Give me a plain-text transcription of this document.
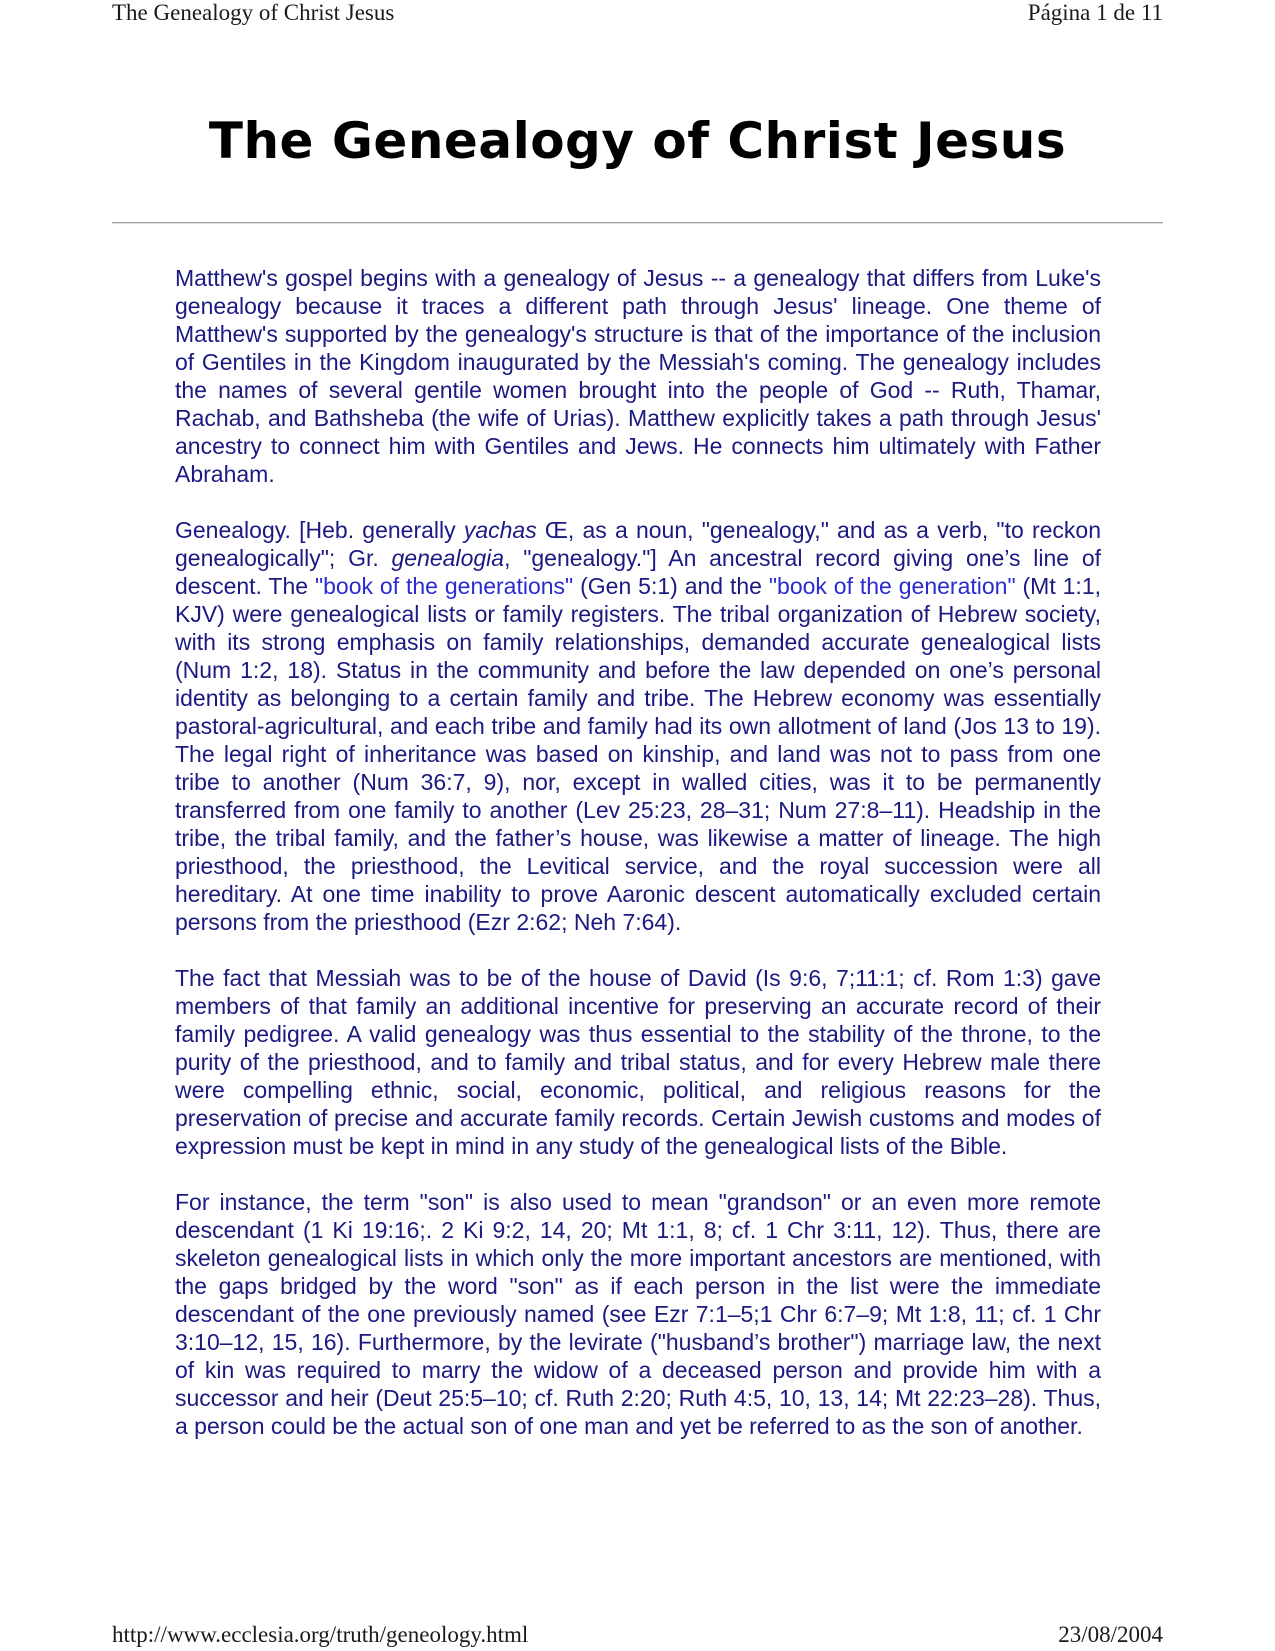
The Genealogy of Christ Jesus	Página 1 de 11
The Genealogy of Christ Jesus

Matthew's gospel begins with a genealogy of Jesus -- a genealogy that differs from Luke's genealogy because it traces a different path through Jesus' lineage. One theme of Matthew's supported by the genealogy's structure is that of the importance of the inclusion of Gentiles in the Kingdom inaugurated by the Messiah's coming. The genealogy includes the names of several gentile women brought into the people of God -- Ruth, Thamar, Rachab, and Bathsheba (the wife of Urias). Matthew explicitly takes a path through Jesus' ancestry to connect him with Gentiles and Jews. He connects him ultimately with Father Abraham.

Genealogy. [Heb. generally yachas Œ, as a noun, "genealogy," and as a verb, "to reckon genealogically"; Gr. genealogia, "genealogy."] An ancestral record giving one’s line of descent. The "book of the generations" (Gen 5:1) and the "book of the generation" (Mt 1:1, KJV) were genealogical lists or family registers. The tribal organization of Hebrew society, with its strong emphasis on family relationships, demanded accurate genealogical lists (Num 1:2, 18). Status in the community and before the law depended on one’s personal identity as belonging to a certain family and tribe. The Hebrew economy was essentially pastoral-agricultural, and each tribe and family had its own allotment of land (Jos 13 to 19). The legal right of inheritance was based on kinship, and land was not to pass from one tribe to another (Num 36:7, 9), nor, except in walled cities, was it to be permanently transferred from one family to another (Lev 25:23, 28–31; Num 27:8–11). Headship in the tribe, the tribal family, and the father’s house, was likewise a matter of lineage. The high priesthood, the priesthood, the Levitical service, and the royal succession were all hereditary. At one time inability to prove Aaronic descent automatically excluded certain persons from the priesthood (Ezr 2:62; Neh 7:64).

The fact that Messiah was to be of the house of David (Is 9:6, 7;11:1; cf. Rom 1:3) gave members of that family an additional incentive for preserving an accurate record of their family pedigree. A valid genealogy was thus essential to the stability of the throne, to the purity of the priesthood, and to family and tribal status, and for every Hebrew male there were compelling ethnic, social, economic, political, and religious reasons for the preservation of precise and accurate family records. Certain Jewish customs and modes of expression must be kept in mind in any study of the genealogical lists of the Bible.

For instance, the term "son" is also used to mean "grandson" or an even more remote descendant (1 Ki 19:16;. 2 Ki 9:2, 14, 20; Mt 1:1, 8; cf. 1 Chr 3:11, 12). Thus, there are skeleton genealogical lists in which only the more important ancestors are mentioned, with the gaps bridged by the word "son" as if each person in the list were the immediate descendant of the one previously named (see Ezr 7:1–5;1 Chr 6:7–9; Mt 1:8, 11; cf. 1 Chr 3:10–12, 15, 16). Furthermore, by the levirate ("husband’s brother") marriage law, the next of kin was required to marry the widow of a deceased person and provide him with a successor and heir (Deut 25:5–10; cf. Ruth 2:20; Ruth 4:5, 10, 13, 14; Mt 22:23–28). Thus, a person could be the actual son of one man and yet be referred to as the son of another.

http://www.ecclesia.org/truth/geneology.html	23/08/2004
